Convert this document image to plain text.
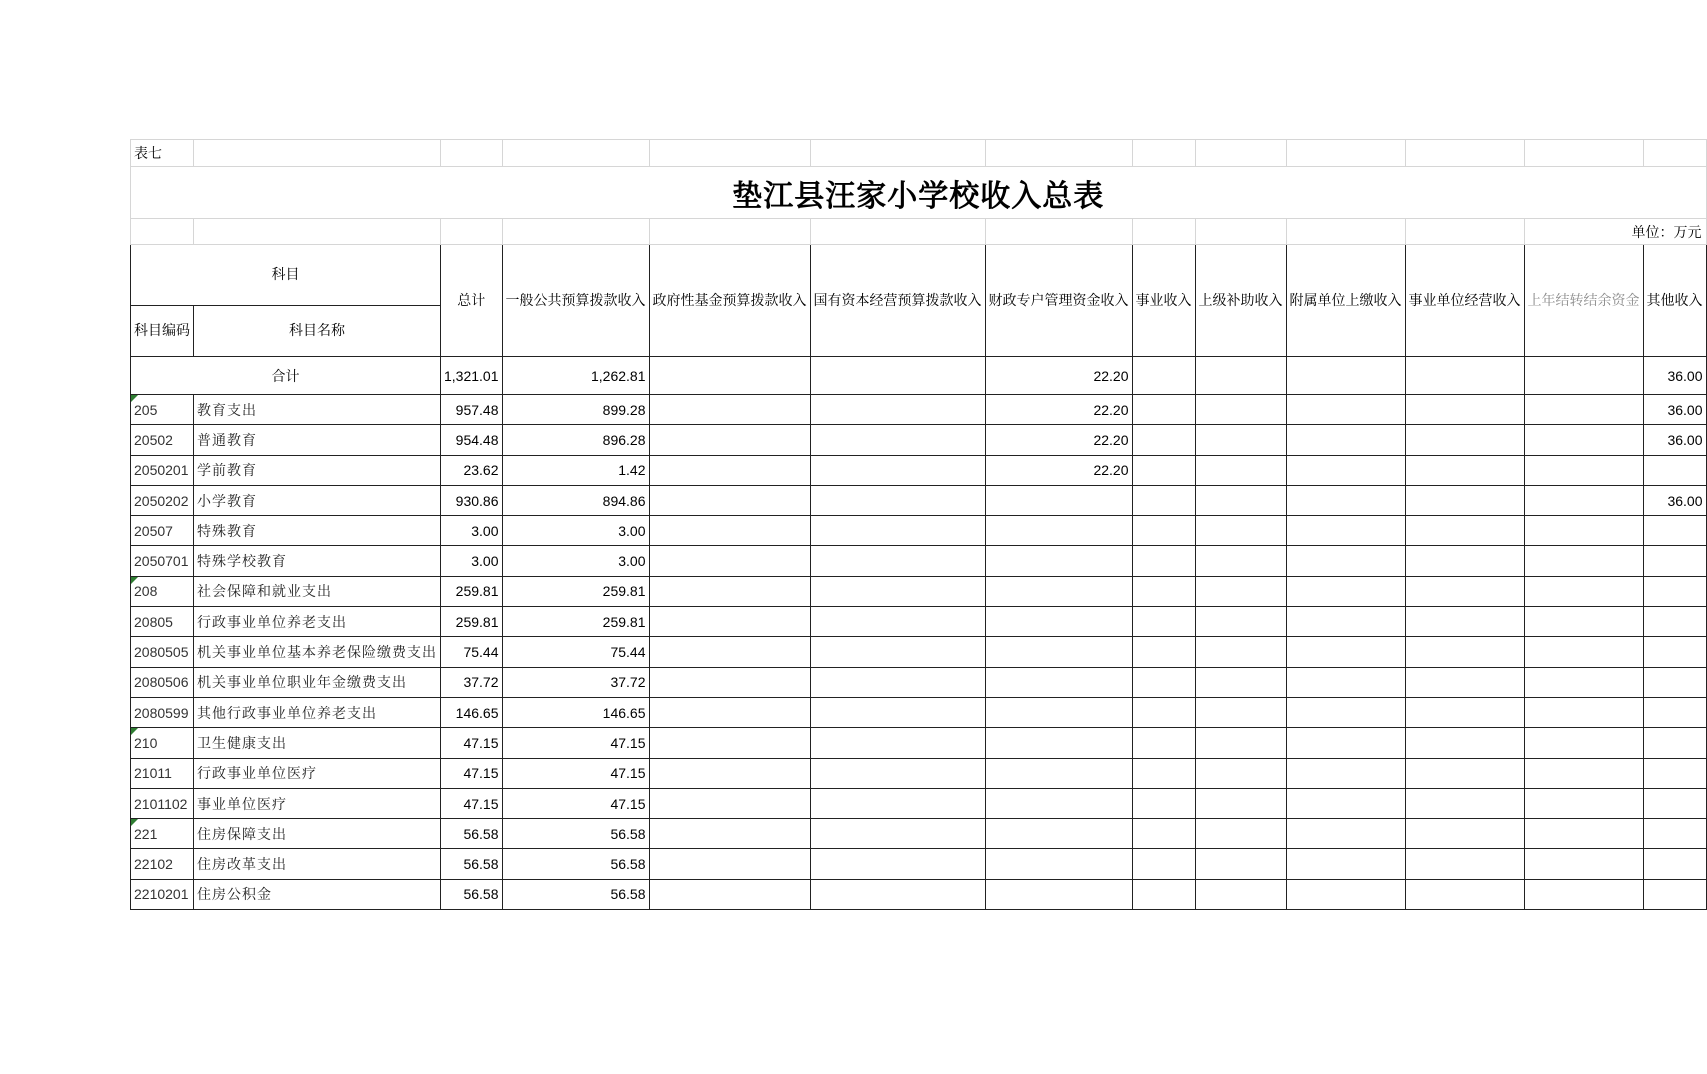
表七												
垫江县汪家小学校收入总表												
											单位：万元	
科目		总计	一般公共预算拨款收入	政府性基金预算拨款收入	国有资本经营预算拨款收入	财政专户管理资金收入	事业收入	上级补助收入	附属单位上缴收入	事业单位经营收入	上年结转结余资金	其他收入
科目编码	科目名称											
合计		1,321.01	1,262.81			22.20						36.00

205	教育支出	957.48	899.28			22.20						36.00
20502	普通教育	954.48	896.28			22.20						36.00
2050201	学前教育	23.62	1.42			22.20						
2050202	小学教育	930.86	894.86									36.00
20507	特殊教育	3.00	3.00									
2050701	特殊学校教育	3.00	3.00									

208	社会保障和就业支出	259.81	259.81									
20805	行政事业单位养老支出	259.81	259.81									
2080505	机关事业单位基本养老保险缴费支出	75.44	75.44									
2080506	机关事业单位职业年金缴费支出	37.72	37.72									
2080599	其他行政事业单位养老支出	146.65	146.65									

210	卫生健康支出	47.15	47.15									
21011	行政事业单位医疗	47.15	47.15									
2101102	事业单位医疗	47.15	47.15									

221	住房保障支出	56.58	56.58									
22102	住房改革支出	56.58	56.58									
2210201	住房公积金	56.58	56.58									
